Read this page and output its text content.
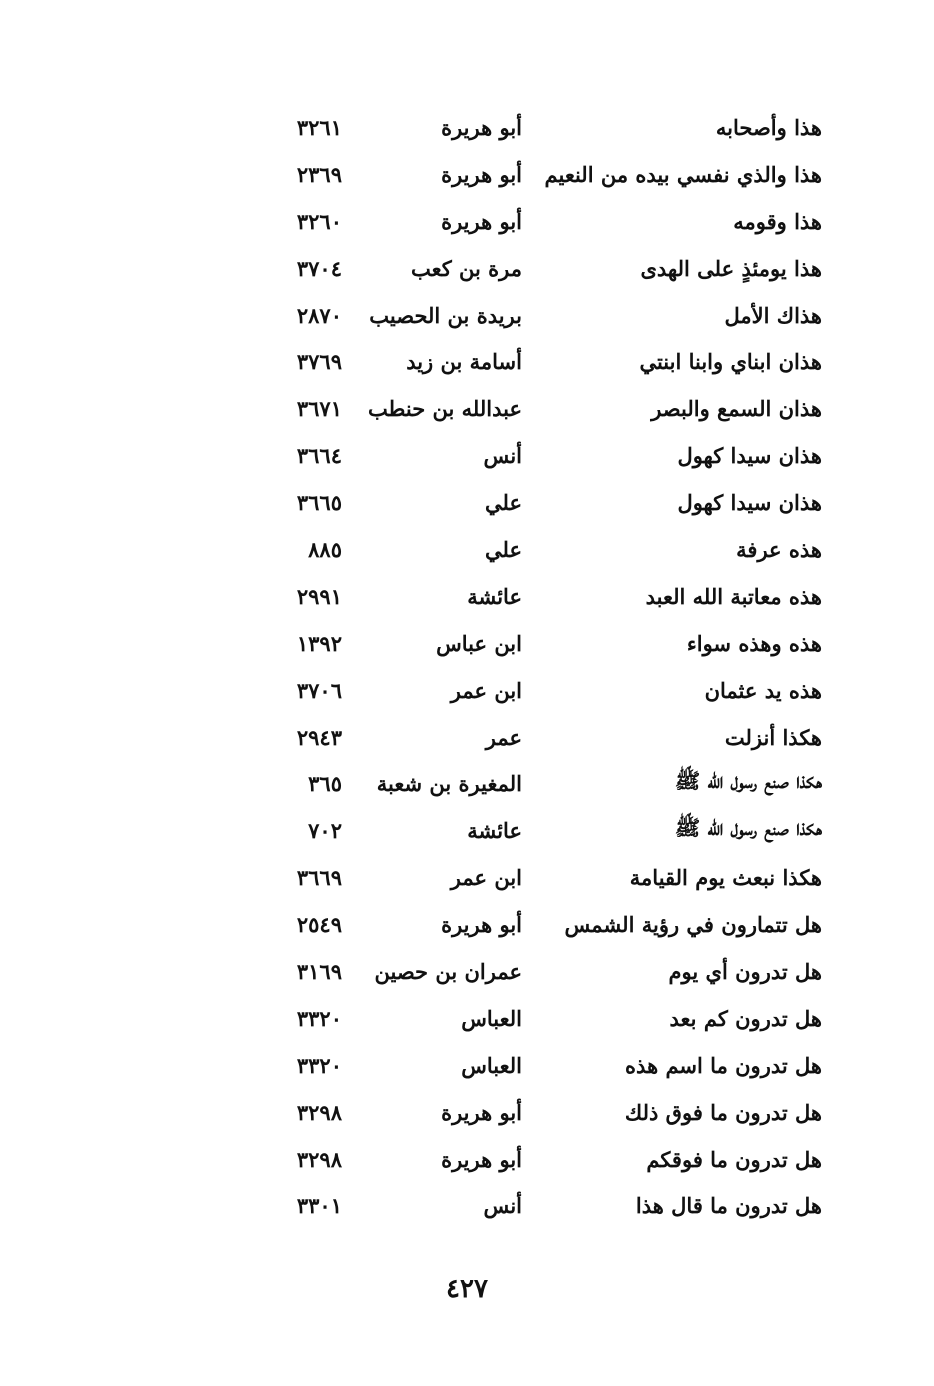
هذا وأصحابه
أبو هريرة
٣٢٦١
هذا والذي نفسي بيده من النعيم
أبو هريرة
٢٣٦٩
هذا وقومه
أبو هريرة
٣٢٦٠
هذا يومئذٍ على الهدى
مرة بن كعب
٣٧٠٤
هذاك الأمل
بريدة بن الحصيب
٢٨٧٠
هذان ابناي وابنا ابنتي
أسامة بن زيد
٣٧٦٩
هذان السمع والبصر
عبدالله بن حنطب
٣٦٧١
هذان سيدا كهول
أنس
٣٦٦٤
هذان سيدا كهول
علي
٣٦٦٥
هذه عرفة
علي
٨٨٥
هذه معاتبة الله العبد
عائشة
٢٩٩١
هذه وهذه سواء
ابن عباس
١٣٩٢
هذه يد عثمان
ابن عمر
٣٧٠٦
هكذا أنزلت
عمر
٢٩٤٣
هكذا صنع رسول الله ﷺ
المغيرة بن شعبة
٣٦٥
هكذا صنع رسول الله ﷺ
عائشة
٧٠٢
هكذا نبعث يوم القيامة
ابن عمر
٣٦٦٩
هل تتمارون في رؤية الشمس
أبو هريرة
٢٥٤٩
هل تدرون أي يوم
عمران بن حصين
٣١٦٩
هل تدرون كم بعد
العباس
٣٣٢٠
هل تدرون ما اسم هذه
العباس
٣٣٢٠
هل تدرون ما فوق ذلك
أبو هريرة
٣٢٩٨
هل تدرون ما فوقكم
أبو هريرة
٣٢٩٨
هل تدرون ما قال هذا
أنس
٣٣٠١
٤٢٧
